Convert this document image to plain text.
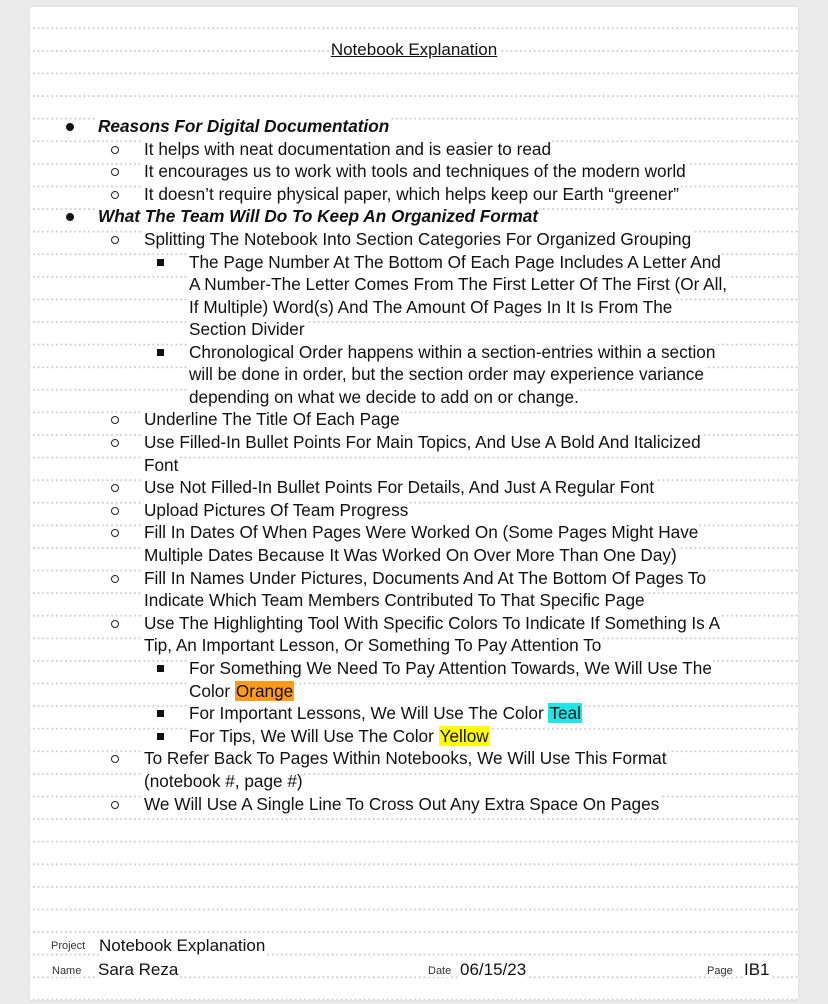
Notebook Explanation
Reasons For Digital Documentation
It helps with neat documentation and is easier to read
It encourages us to work with tools and techniques of the modern world
It doesn’t require physical paper, which helps keep our Earth “greener”
What The Team Will Do To Keep An Organized Format
Splitting The Notebook Into Section Categories For Organized Grouping
The Page Number At The Bottom Of Each Page Includes A Letter And
A Number-The Letter Comes From The First Letter Of The First (Or All,
If Multiple) Word(s) And The Amount Of Pages In It Is From The
Section Divider
Chronological Order happens within a section-entries within a section
will be done in order, but the section order may experience variance
depending on what we decide to add on or change.
Underline The Title Of Each Page
Use Filled-In Bullet Points For Main Topics, And Use A Bold And Italicized
Font
Use Not Filled-In Bullet Points For Details, And Just A Regular Font
Upload Pictures Of Team Progress
Fill In Dates Of When Pages Were Worked On (Some Pages Might Have
Multiple Dates Because It Was Worked On Over More Than One Day)
Fill In Names Under Pictures, Documents And At The Bottom Of Pages To
Indicate Which Team Members Contributed To That Specific Page
Use The Highlighting Tool With Specific Colors To Indicate If Something Is A
Tip, An Important Lesson, Or Something To Pay Attention To
For Something We Need To Pay Attention Towards, We Will Use The
Color Orange
For Important Lessons, We Will Use The Color Teal
For Tips, We Will Use The Color Yellow
To Refer Back To Pages Within Notebooks, We Will Use This Format
(notebook #, page #)
We Will Use A Single Line To Cross Out Any Extra Space On Pages
Project Notebook Explanation
Name Sara Reza	Date 06/15/23	Page IB1
